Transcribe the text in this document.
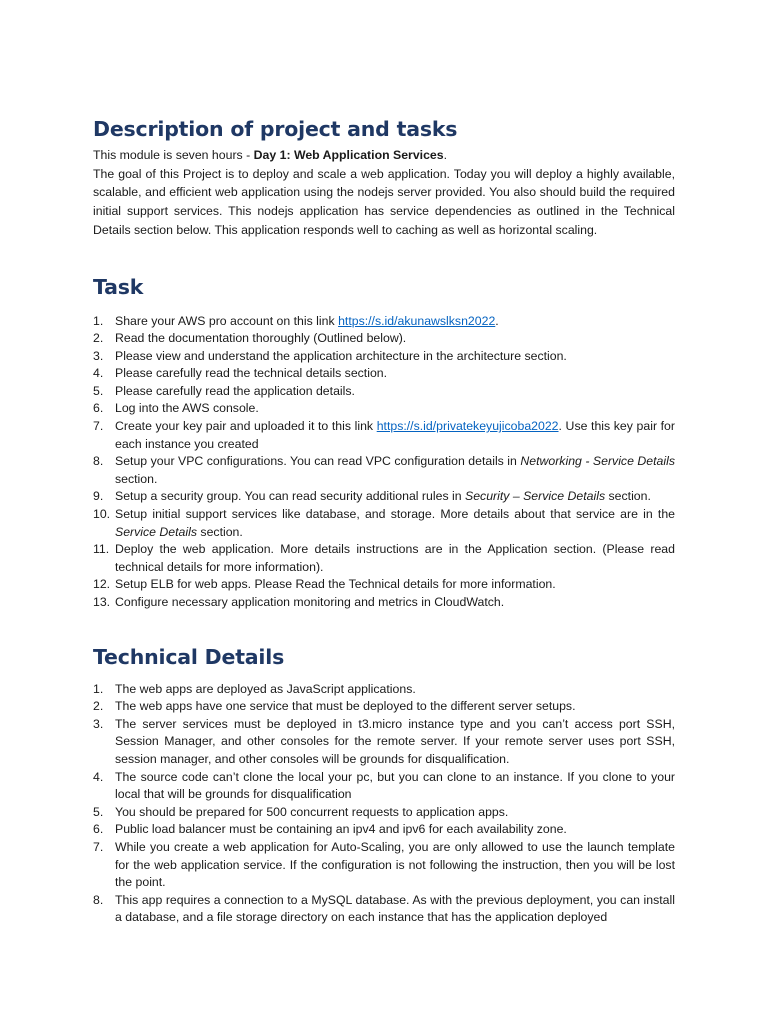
Description of project and tasks

This module is seven hours - Day 1: Web Application Services.

The goal of this Project is to deploy and scale a web application. Today you will deploy a highly available, scalable, and efficient web application using the nodejs server provided. You also should build the required initial support services. This nodejs application has service dependencies as outlined in the Technical Details section below. This application responds well to caching as well as horizontal scaling.

Task
1. Share your AWS pro account on this link https://s.id/akunawslksn2022.
2. Read the documentation thoroughly (Outlined below).
3. Please view and understand the application architecture in the architecture section.
4. Please carefully read the technical details section.
5. Please carefully read the application details.
6. Log into the AWS console.
7. Create your key pair and uploaded it to this link https://s.id/privatekeyujicoba2022. Use this key pair for each instance you created
8. Setup your VPC configurations. You can read VPC configuration details in Networking - Service Details section.
9. Setup a security group. You can read security additional rules in Security – Service Details section.
10. Setup initial support services like database, and storage. More details about that service are in the Service Details section.
11. Deploy the web application. More details instructions are in the Application section. (Please read technical details for more information).
12. Setup ELB for web apps. Please Read the Technical details for more information.
13. Configure necessary application monitoring and metrics in CloudWatch.
Technical Details
1. The web apps are deployed as JavaScript applications.
2. The web apps have one service that must be deployed to the different server setups.
3. The server services must be deployed in t3.micro instance type and you can’t access port SSH, Session Manager, and other consoles for the remote server. If your remote server uses port SSH, session manager, and other consoles will be grounds for disqualification.
4. The source code can’t clone the local your pc, but you can clone to an instance. If you clone to your local that will be grounds for disqualification
5. You should be prepared for 500 concurrent requests to application apps.
6. Public load balancer must be containing an ipv4 and ipv6 for each availability zone.
7. While you create a web application for Auto-Scaling, you are only allowed to use the launch template for the web application service. If the configuration is not following the instruction, then you will be lost the point.
8. This app requires a connection to a MySQL database. As with the previous deployment, you can install a database, and a file storage directory on each instance that has the application deployed
